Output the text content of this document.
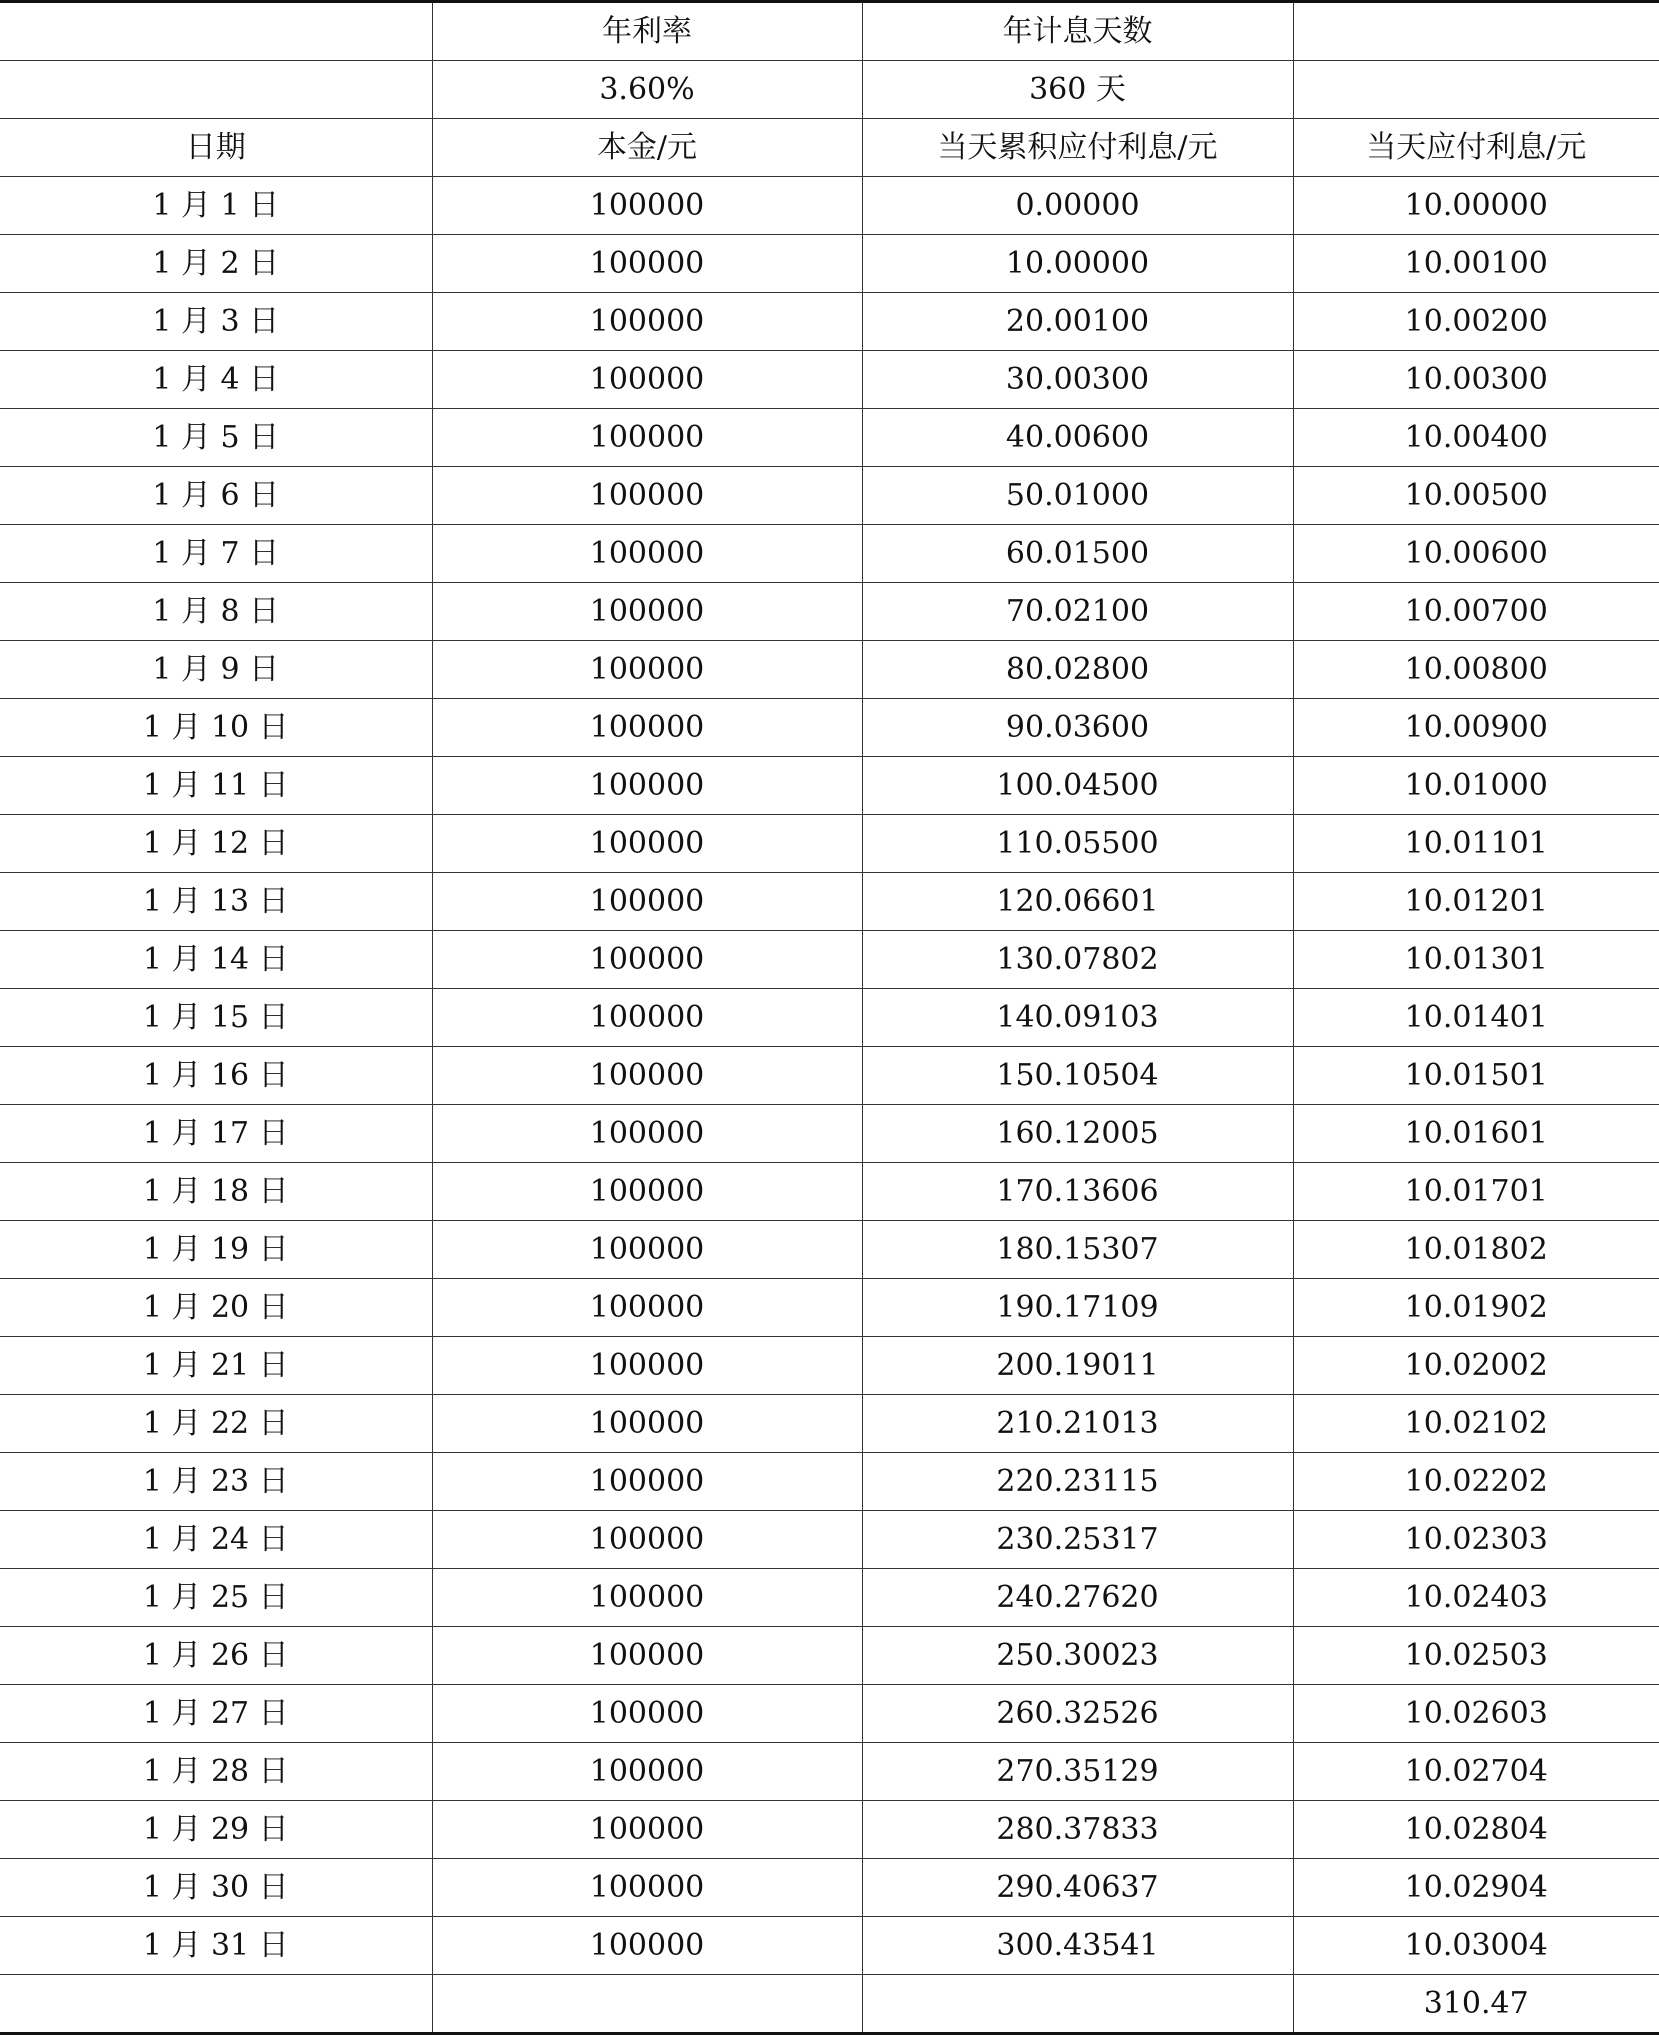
	年利率	年计息天数	
	3.60%	360 天	
日期	本金/元	当天累积应付利息/元	当天应付利息/元
1 月 1 日	100000	0.00000	10.00000
1 月 2 日	100000	10.00000	10.00100
1 月 3 日	100000	20.00100	10.00200
1 月 4 日	100000	30.00300	10.00300
1 月 5 日	100000	40.00600	10.00400
1 月 6 日	100000	50.01000	10.00500
1 月 7 日	100000	60.01500	10.00600
1 月 8 日	100000	70.02100	10.00700
1 月 9 日	100000	80.02800	10.00800
1 月 10 日	100000	90.03600	10.00900
1 月 11 日	100000	100.04500	10.01000
1 月 12 日	100000	110.05500	10.01101
1 月 13 日	100000	120.06601	10.01201
1 月 14 日	100000	130.07802	10.01301
1 月 15 日	100000	140.09103	10.01401
1 月 16 日	100000	150.10504	10.01501
1 月 17 日	100000	160.12005	10.01601
1 月 18 日	100000	170.13606	10.01701
1 月 19 日	100000	180.15307	10.01802
1 月 20 日	100000	190.17109	10.01902
1 月 21 日	100000	200.19011	10.02002
1 月 22 日	100000	210.21013	10.02102
1 月 23 日	100000	220.23115	10.02202
1 月 24 日	100000	230.25317	10.02303
1 月 25 日	100000	240.27620	10.02403
1 月 26 日	100000	250.30023	10.02503
1 月 27 日	100000	260.32526	10.02603
1 月 28 日	100000	270.35129	10.02704
1 月 29 日	100000	280.37833	10.02804
1 月 30 日	100000	290.40637	10.02904
1 月 31 日	100000	300.43541	10.03004
			310.47
